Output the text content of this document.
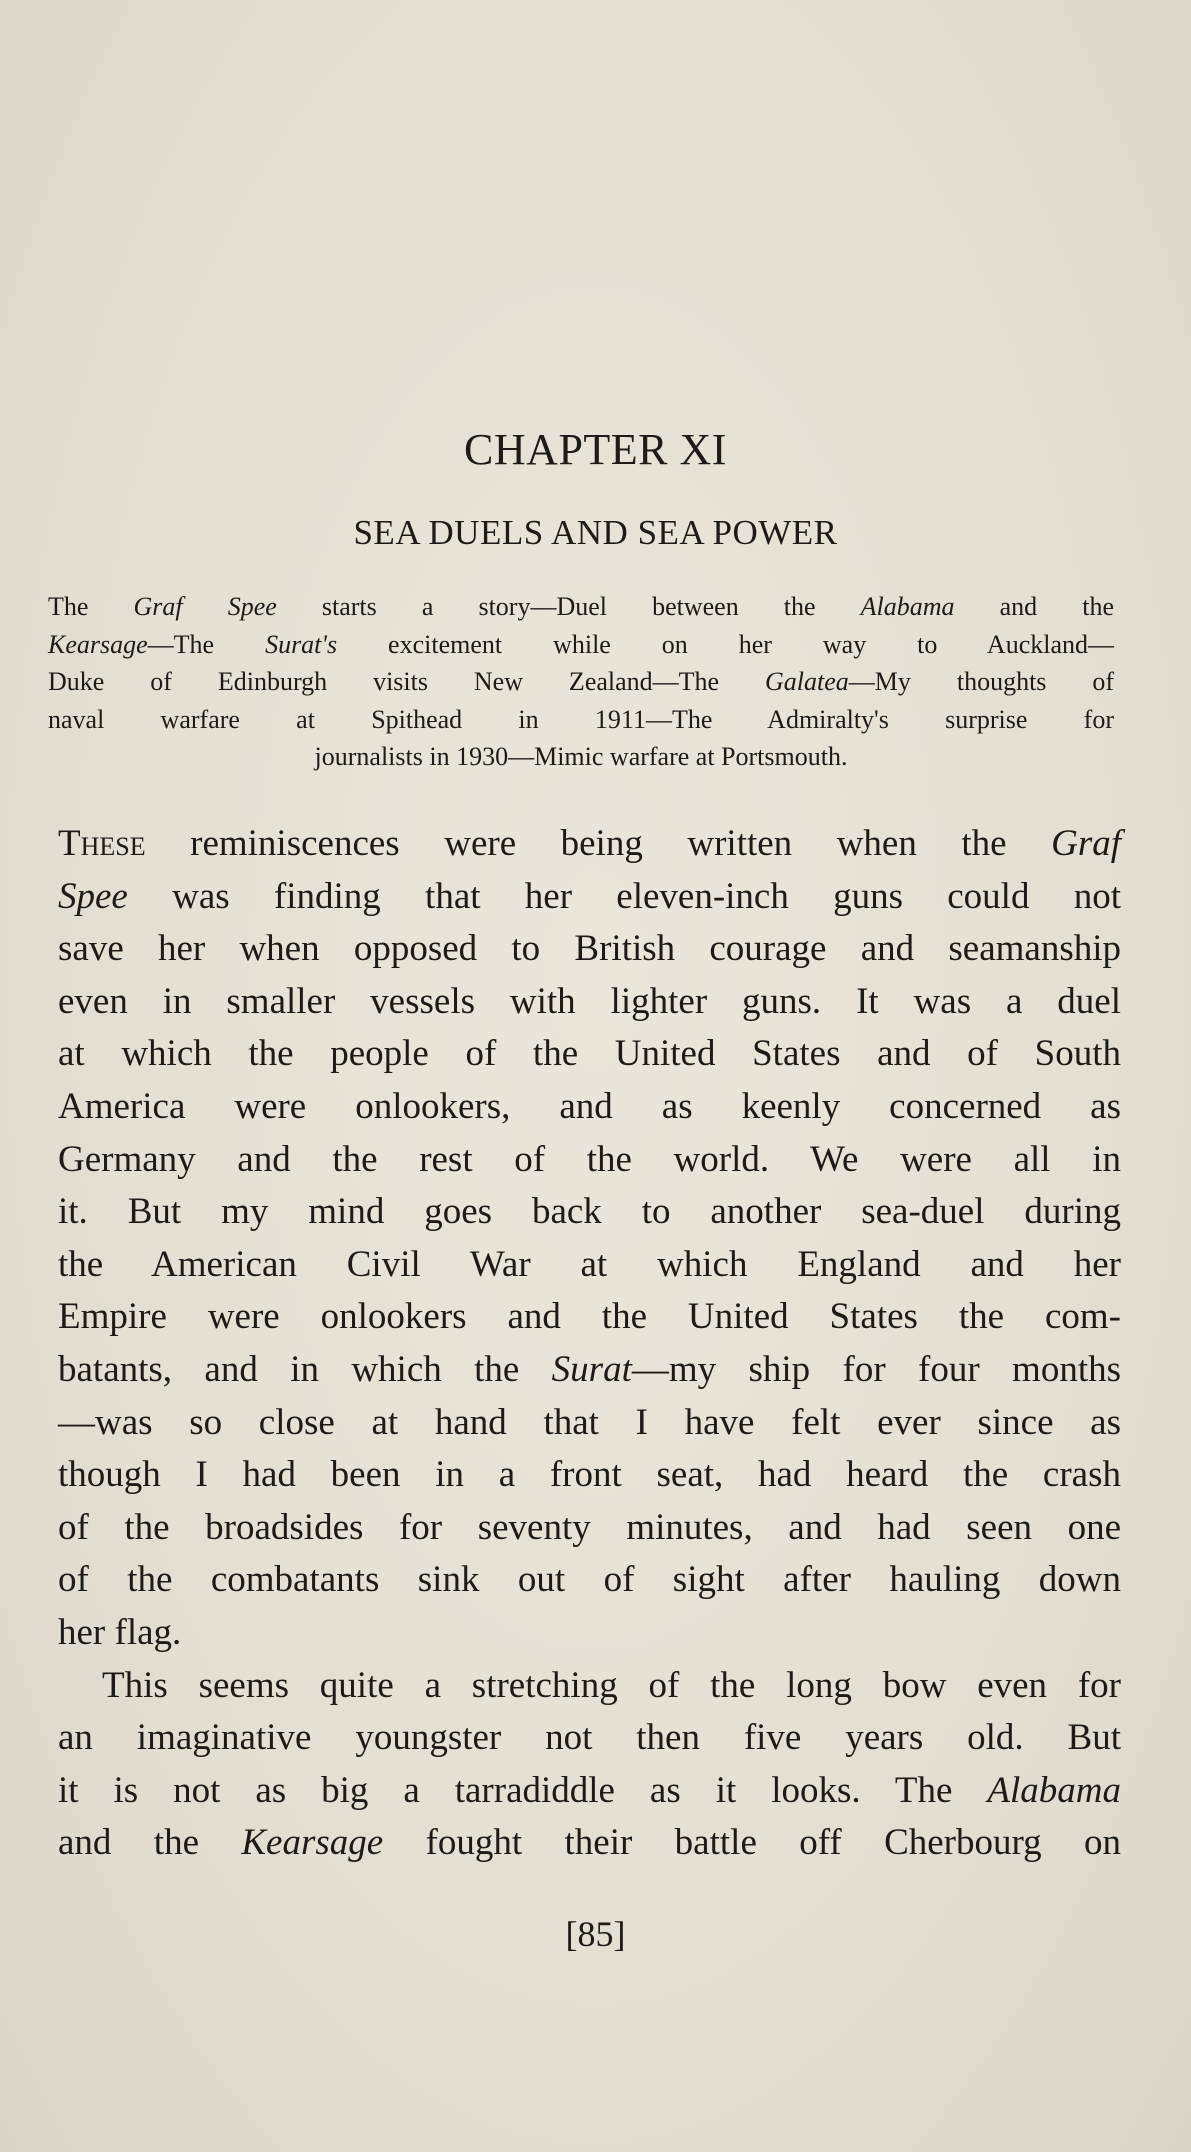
CHAPTER XI
SEA DUELS AND SEA POWER
The Graf Spee starts a story—Duel between the Alabama and the
Kearsage—The Surat's excitement while on her way to Auckland—
Duke of Edinburgh visits New Zealand—The Galatea—My thoughts of
naval warfare at Spithead in 1911—The Admiralty's surprise for
journalists in 1930—Mimic warfare at Portsmouth.
These reminiscences were being written when the Graf
Spee was finding that her eleven-inch guns could not
save her when opposed to British courage and seamanship
even in smaller vessels with lighter guns. It was a duel
at which the people of the United States and of South
America were onlookers, and as keenly concerned as
Germany and the rest of the world. We were all in
it. But my mind goes back to another sea-duel during
the American Civil War at which England and her
Empire were onlookers and the United States the com-
batants, and in which the Surat—my ship for four months
—was so close at hand that I have felt ever since as
though I had been in a front seat, had heard the crash
of the broadsides for seventy minutes, and had seen one
of the combatants sink out of sight after hauling down
her flag.
This seems quite a stretching of the long bow even for
an imaginative youngster not then five years old. But
it is not as big a tarradiddle as it looks. The Alabama
and the Kearsage fought their battle off Cherbourg on
[85]
